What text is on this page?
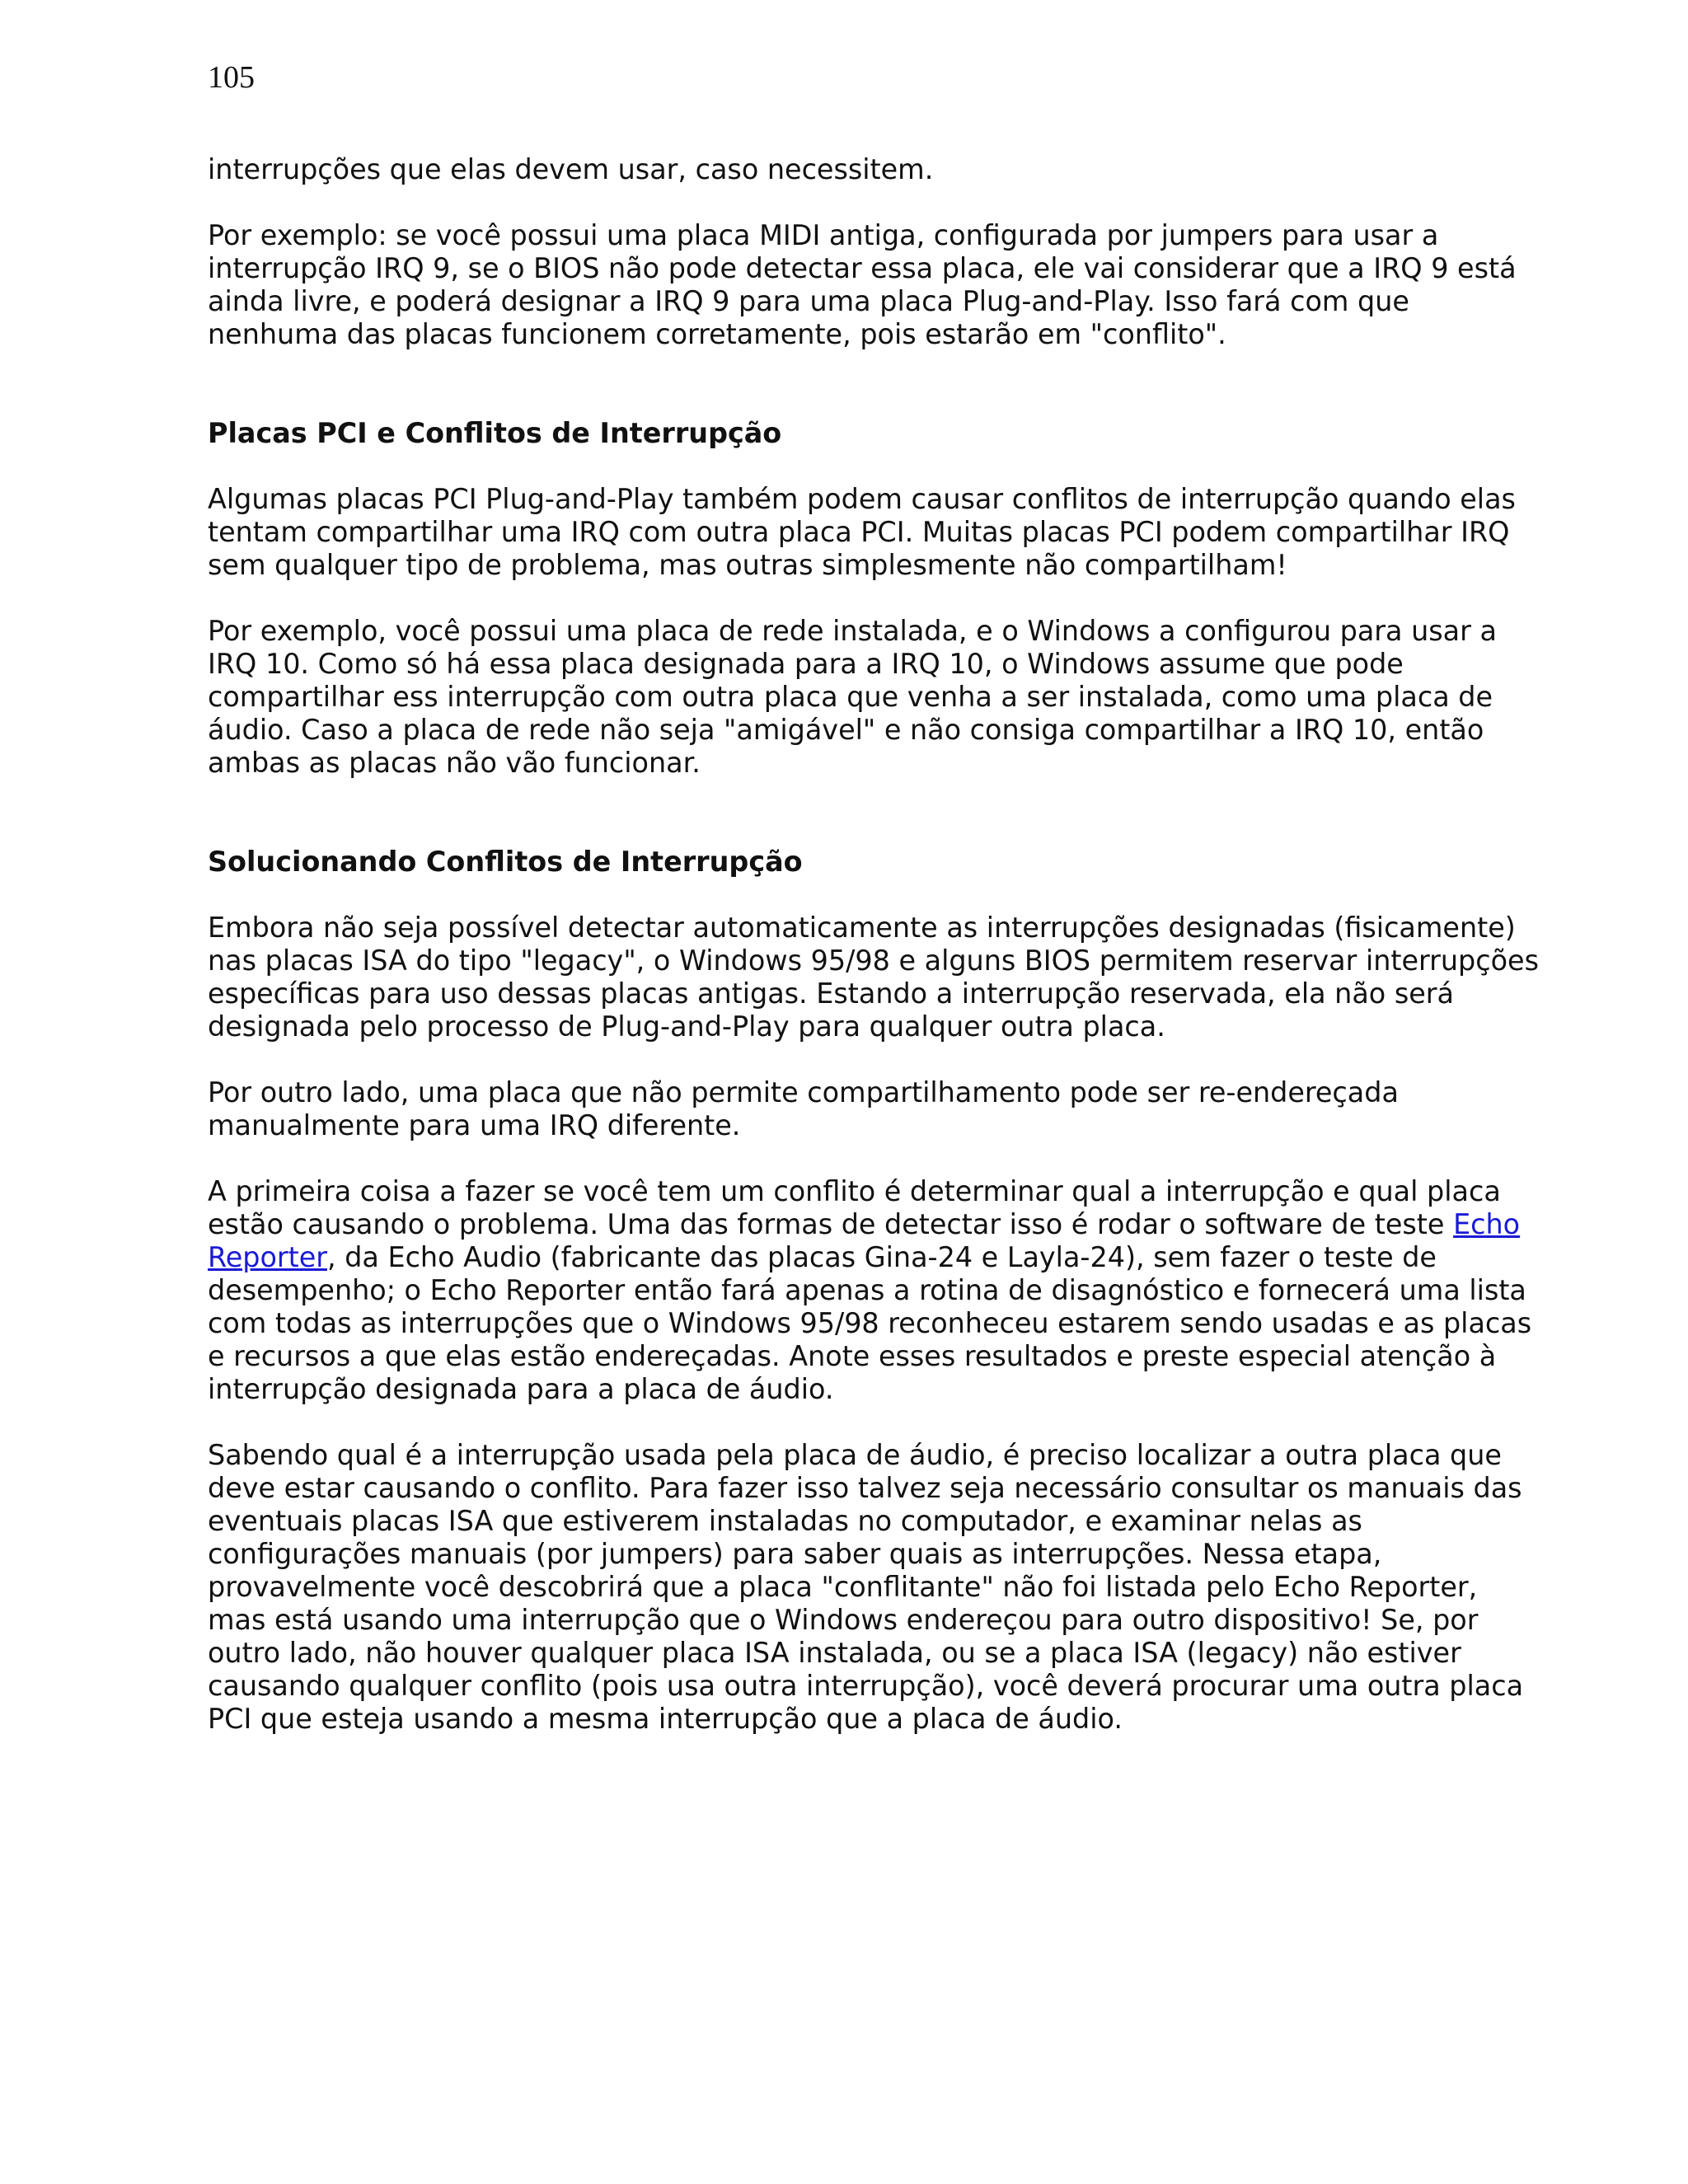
105

interrupções que elas devem usar, caso necessitem.

Por exemplo: se você possui uma placa MIDI antiga, configurada por jumpers para usar a interrupção IRQ 9, se o BIOS não pode detectar essa placa, ele vai considerar que a IRQ 9 está ainda livre, e poderá designar a IRQ 9 para uma placa Plug-and-Play. Isso fará com que nenhuma das placas funcionem corretamente, pois estarão em "conflito".

Placas PCI e Conflitos de Interrupção

Algumas placas PCI Plug-and-Play também podem causar conflitos de interrupção quando elas tentam compartilhar uma IRQ com outra placa PCI. Muitas placas PCI podem compartilhar IRQ sem qualquer tipo de problema, mas outras simplesmente não compartilham!

Por exemplo, você possui uma placa de rede instalada, e o Windows a configurou para usar a IRQ 10. Como só há essa placa designada para a IRQ 10, o Windows assume que pode compartilhar ess interrupção com outra placa que venha a ser instalada, como uma placa de áudio. Caso a placa de rede não seja "amigável" e não consiga compartilhar a IRQ 10, então ambas as placas não vão funcionar.

Solucionando Conflitos de Interrupção

Embora não seja possível detectar automaticamente as interrupções designadas (fisicamente) nas placas ISA do tipo "legacy", o Windows 95/98 e alguns BIOS permitem reservar interrupções específicas para uso dessas placas antigas. Estando a interrupção reservada, ela não será designada pelo processo de Plug-and-Play para qualquer outra placa.

Por outro lado, uma placa que não permite compartilhamento pode ser re-endereçada manualmente para uma IRQ diferente.

A primeira coisa a fazer se você tem um conflito é determinar qual a interrupção e qual placa estão causando o problema. Uma das formas de detectar isso é rodar o software de teste Echo Reporter, da Echo Audio (fabricante das placas Gina-24 e Layla-24), sem fazer o teste de desempenho; o Echo Reporter então fará apenas a rotina de disagnóstico e fornecerá uma lista com todas as interrupções que o Windows 95/98 reconheceu estarem sendo usadas e as placas e recursos a que elas estão endereçadas. Anote esses resultados e preste especial atenção à interrupção designada para a placa de áudio.

Sabendo qual é a interrupção usada pela placa de áudio, é preciso localizar a outra placa que deve estar causando o conflito. Para fazer isso talvez seja necessário consultar os manuais das eventuais placas ISA que estiverem instaladas no computador, e examinar nelas as configurações manuais (por jumpers) para saber quais as interrupções. Nessa etapa, provavelmente você descobrirá que a placa "conflitante" não foi listada pelo Echo Reporter, mas está usando uma interrupção que o Windows endereçou para outro dispositivo! Se, por outro lado, não houver qualquer placa ISA instalada, ou se a placa ISA (legacy) não estiver causando qualquer conflito (pois usa outra interrupção), você deverá procurar uma outra placa PCI que esteja usando a mesma interrupção que a placa de áudio.
